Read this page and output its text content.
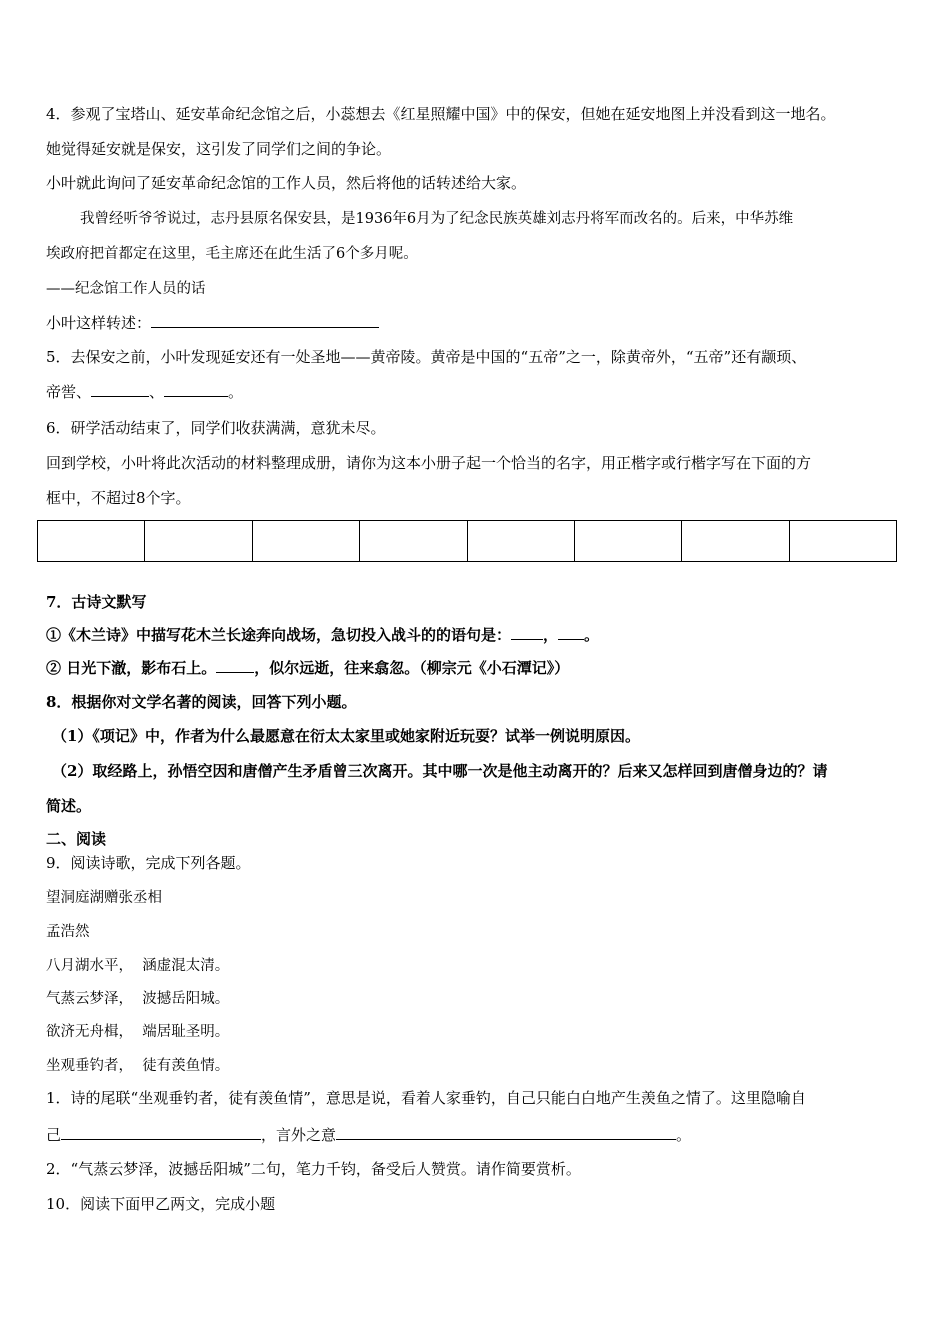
4．参观了宝塔山、延安革命纪念馆之后，小蕊想去《红星照耀中国》中的保安，但她在延安地图上并没看到这一地名。
她觉得延安就是保安，这引发了同学们之间的争论。
小叶就此询问了延安革命纪念馆的工作人员，然后将他的话转述给大家。
我曾经听爷爷说过，志丹县原名保安县，是1936年6月为了纪念民族英雄刘志丹将军而改名的。后来，中华苏维
埃政府把首都定在这里，毛主席还在此生活了6个多月呢。
——纪念馆工作人员的话
小叶这样转述：
5．去保安之前，小叶发现延安还有一处圣地——黄帝陵。黄帝是中国的“五帝”之一，除黄帝外，“五帝”还有颛顼、
帝喾、	、	。
6．研学活动结束了，同学们收获满满，意犹未尽。
回到学校，小叶将此次活动的材料整理成册，请你为这本小册子起一个恰当的名字，用正楷字或行楷字写在下面的方
框中，不超过8个字。
7．古诗文默写
①《木兰诗》中描写花木兰长途奔向战场，急切投入战斗的的语句是： ， 。
② 日光下澈，影布石上。	，似尔远逝，往来翕忽。（柳宗元《小石潭记》）
8．根据你对文学名著的阅读，回答下列小题。
（1）《项记》中，作者为什么最愿意在衍太太家里或她家附近玩耍？试举一例说明原因。
（2）取经路上，孙悟空因和唐僧产生矛盾曾三次离开。其中哪一次是他主动离开的？后来又怎样回到唐僧身边的？请
简述。
二、阅读
9．阅读诗歌，完成下列各题。
望洞庭湖赠张丞相
孟浩然
八月湖水平，  涵虚混太清。
气蒸云梦泽，  波撼岳阳城。
欲济无舟楫，  端居耻圣明。
坐观垂钓者，  徒有羡鱼情。
1．诗的尾联“坐观垂钓者，徒有羡鱼情”，意思是说，看着人家垂钓，自己只能白白地产生羡鱼之情了。这里隐喻自
己	，言外之意	。
2．“气蒸云梦泽，波撼岳阳城”二句，笔力千钧，备受后人赞赏。请作简要赏析。
10．阅读下面甲乙两文，完成小题
